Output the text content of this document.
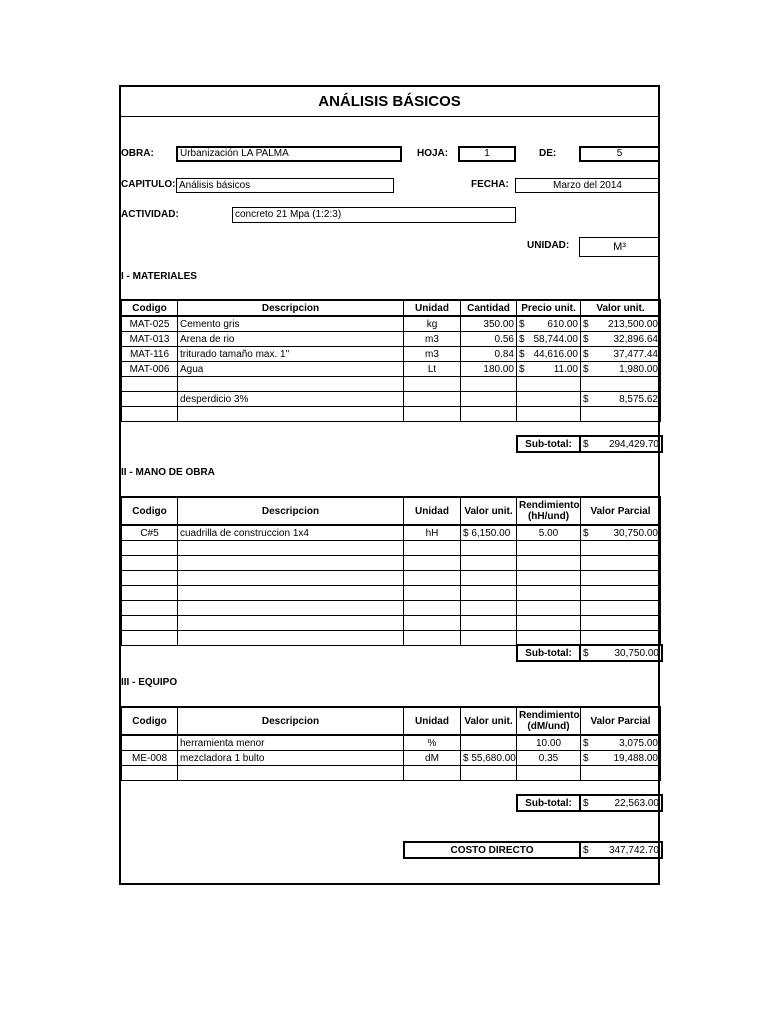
ANÁLISIS BÁSICOS
OBRA:	Urbanización LA PALMA	HOJA:	1	DE:	5
CAPITULO: Análisis básicos	FECHA:	Marzo del 2014
ACTIVIDAD:	concreto 21 Mpa (1:2:3)
UNIDAD:	M³
I - MATERIALES
Codigo	Descripcion	Unidad	Cantidad	Precio unit.	Valor unit.
MAT-025	Cemento gris	kg	350.00	$ 610.00	$ 213,500.00

MAT-013	Arena de rio	m3	0.56	$ 58,744.00	$ 32,896.64

MAT-116	triturado tamaño max. 1"	m3	0.84	$ 44,616.00	$ 37,477.44

MAT-006	Agua	Lt	180.00	$ 11.00	$ 1,980.00

	desperdicio 3%				$ 8,575.62

Sub-total:	$ 294,429.70
II - MANO DE OBRA
Codigo	Descripcion	Unidad	Valor unit.	Rendimiento (hH/und)	Valor Parcial
C#5	cuadrilla de construccion 1x4	hH	$ 6,150.00	5.00	$ 30,750.00

Sub-total:	$	30,750.00
III - EQUIPO
Codigo	Descripcion	Unidad	Valor unit.	Rendimiento (dM/und)	Valor Parcial
	herramienta menor	%		10.00	$ 3,075.00

ME-008	mezcladora 1 bulto	dM	$ 55,680.00	0.35	$ 19,488.00

Sub-total:	$	22,563.00
COSTO DIRECTO	$ 347,742.70
